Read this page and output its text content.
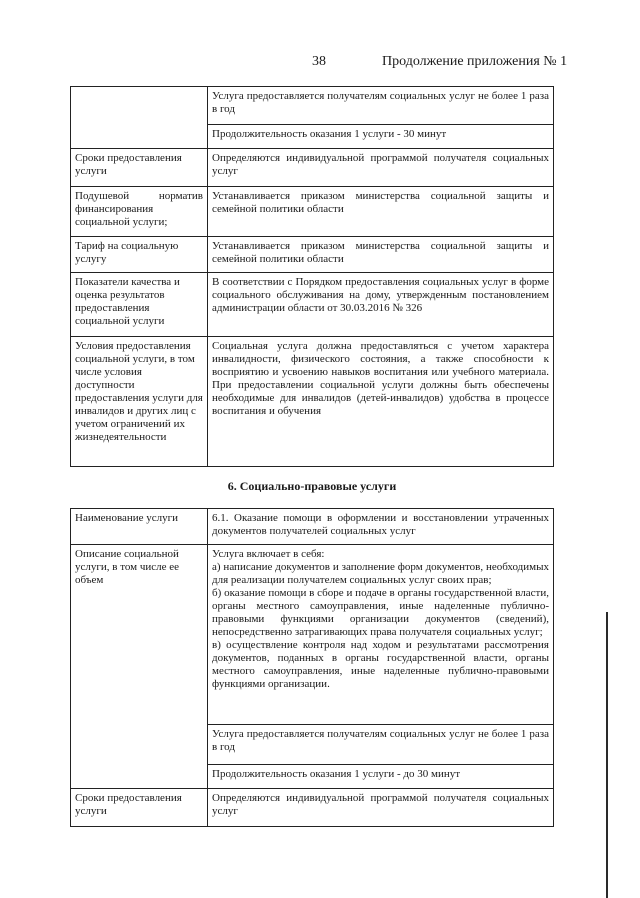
38	Продолжение приложения № 1
	Услуга предоставляется получателям социальных услуг не более 1 раза в год
	Продолжительность оказания 1 услуги - 30 минут
Сроки предоставления услуги	Определяются индивидуальной программой получателя социальных услуг
Подушевой норматив финансирования социальной услуги;	Устанавливается приказом министерства социальной защиты и семейной политики области
Тариф на социальную услугу	Устанавливается приказом министерства социальной защиты и семейной политики области
Показатели качества и оценка результатов предоставления социальной услуги	В соответствии с Порядком предоставления социальных услуг в форме социального обслуживания на дому, утвержденным постановлением администрации области от 30.03.2016 № 326
Условия предоставления социальной услуги, в том числе условия доступности предоставления услуги для инвалидов и других лиц с учетом ограничений их жизнедеятельности	Социальная услуга должна предоставляться с учетом характера инвалидности, физического состояния, а также способности к восприятию и усвоению навыков воспитания или учебного материала. При предоставлении социальной услуги должны быть обеспечены необходимые для инвалидов (детей-инвалидов) удобства в процессе воспитания и обучения
6. Социально-правовые услуги
Наименование услуги	6.1. Оказание помощи в оформлении и восстановлении утраченных документов получателей социальных услуг
Описание социальной услуги, в том числе ее объем	Услуга включает в себя:
а) написание документов и заполнение форм документов, необходимых для реализации получателем социальных услуг своих прав;
б) оказание помощи в сборе и подаче в органы государственной власти, органы местного самоуправления, иные наделенные публично-правовыми функциями организации документов (сведений), непосредственно затрагивающих права получателя социальных услуг;
в) осуществление контроля над ходом и результатами рассмотрения документов, поданных в органы государственной власти, органы местного самоуправления, иные наделенные публично-правовыми функциями организации.

	Услуга предоставляется получателям социальных услуг не более 1 раза в год
	Продолжительность оказания 1 услуги - до 30 минут
Сроки предоставления услуги	Определяются индивидуальной программой получателя социальных услуг
